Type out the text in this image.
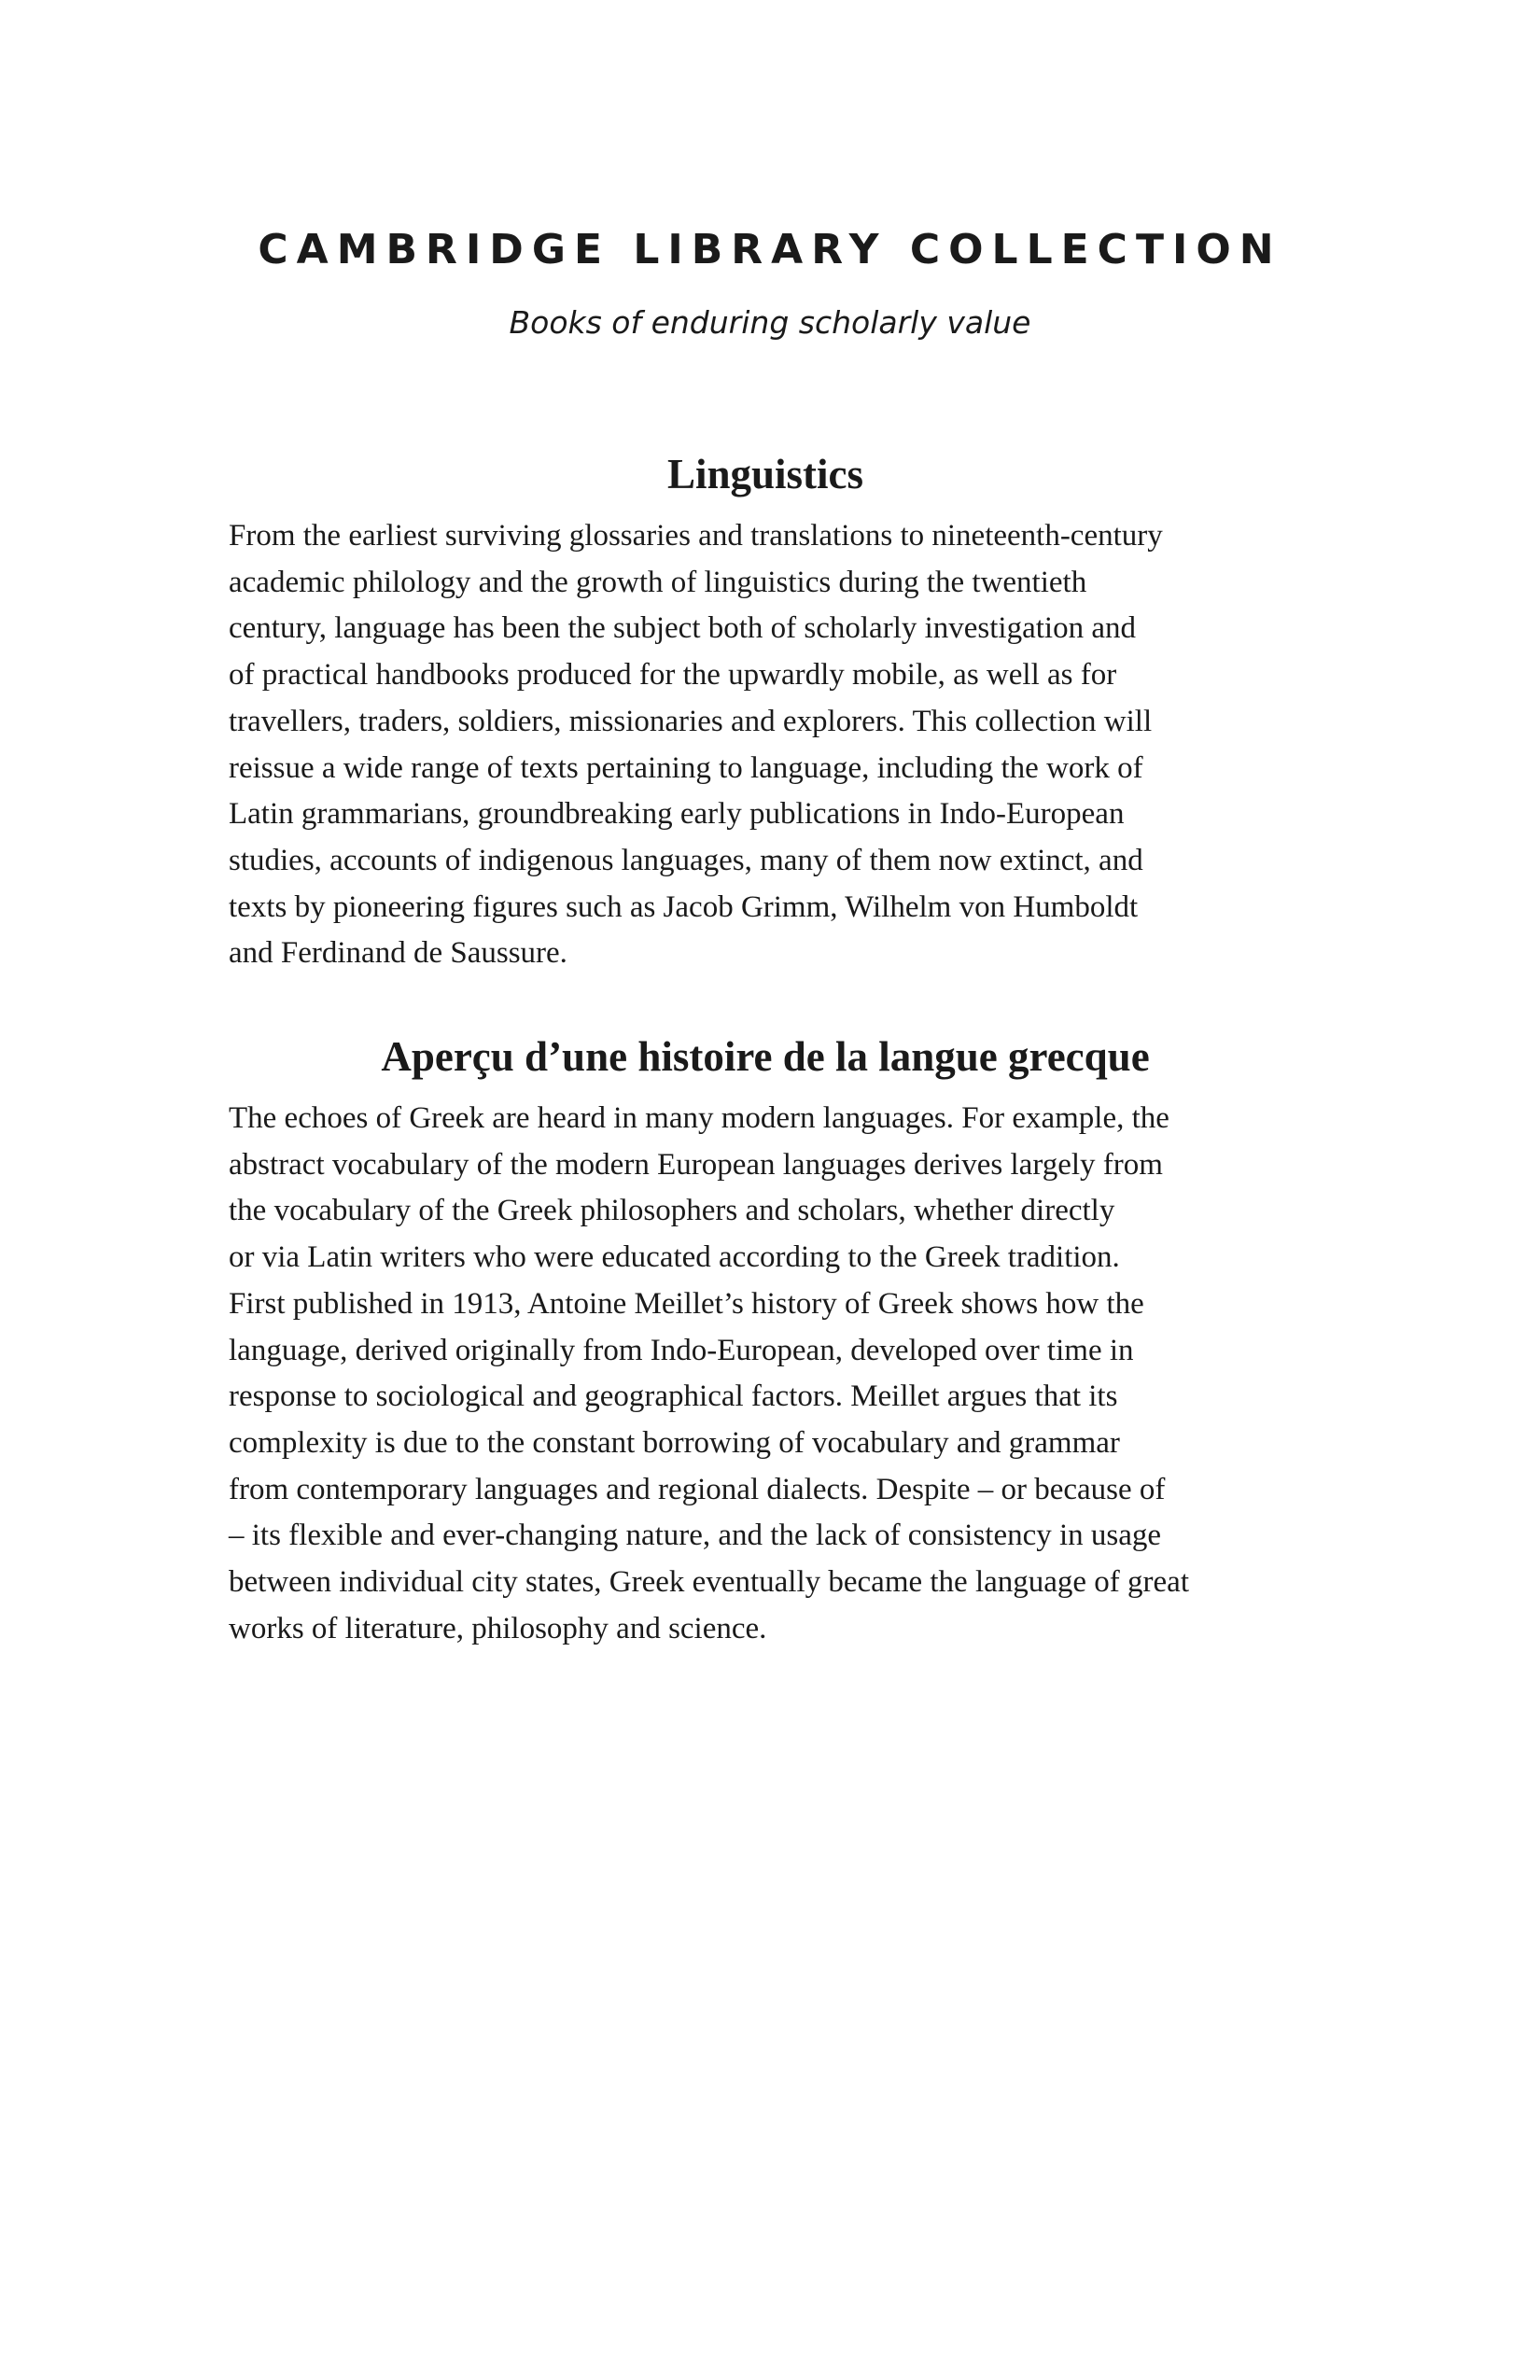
CAMBRIDGE LIBRARY COLLECTION
Books of enduring scholarly value
Linguistics

From the earliest surviving glossaries and translations to nineteenth-century

academic philology and the growth of linguistics during the twentieth

century, language has been the subject both of scholarly investigation and

of practical handbooks produced for the upwardly mobile, as well as for

travellers, traders, soldiers, missionaries and explorers. This collection will

reissue a wide range of texts pertaining to language, including the work of

Latin grammarians, groundbreaking early publications in Indo-European

studies, accounts of indigenous languages, many of them now extinct, and

texts by pioneering figures such as Jacob Grimm, Wilhelm von Humboldt

and Ferdinand de Saussure.

Aperçu d’une histoire de la langue grecque

The echoes of Greek are heard in many modern languages. For example, the

abstract vocabulary of the modern European languages derives largely from

the vocabulary of the Greek philosophers and scholars, whether directly

or via Latin writers who were educated according to the Greek tradition.

First published in 1913, Antoine Meillet’s history of Greek shows how the

language, derived originally from Indo-European, developed over time in

response to sociological and geographical factors. Meillet argues that its

complexity is due to the constant borrowing of vocabulary and grammar

from contemporary languages and regional dialects. Despite – or because of

– its flexible and ever-changing nature, and the lack of consistency in usage

between individual city states, Greek eventually became the language of great

works of literature, philosophy and science.
